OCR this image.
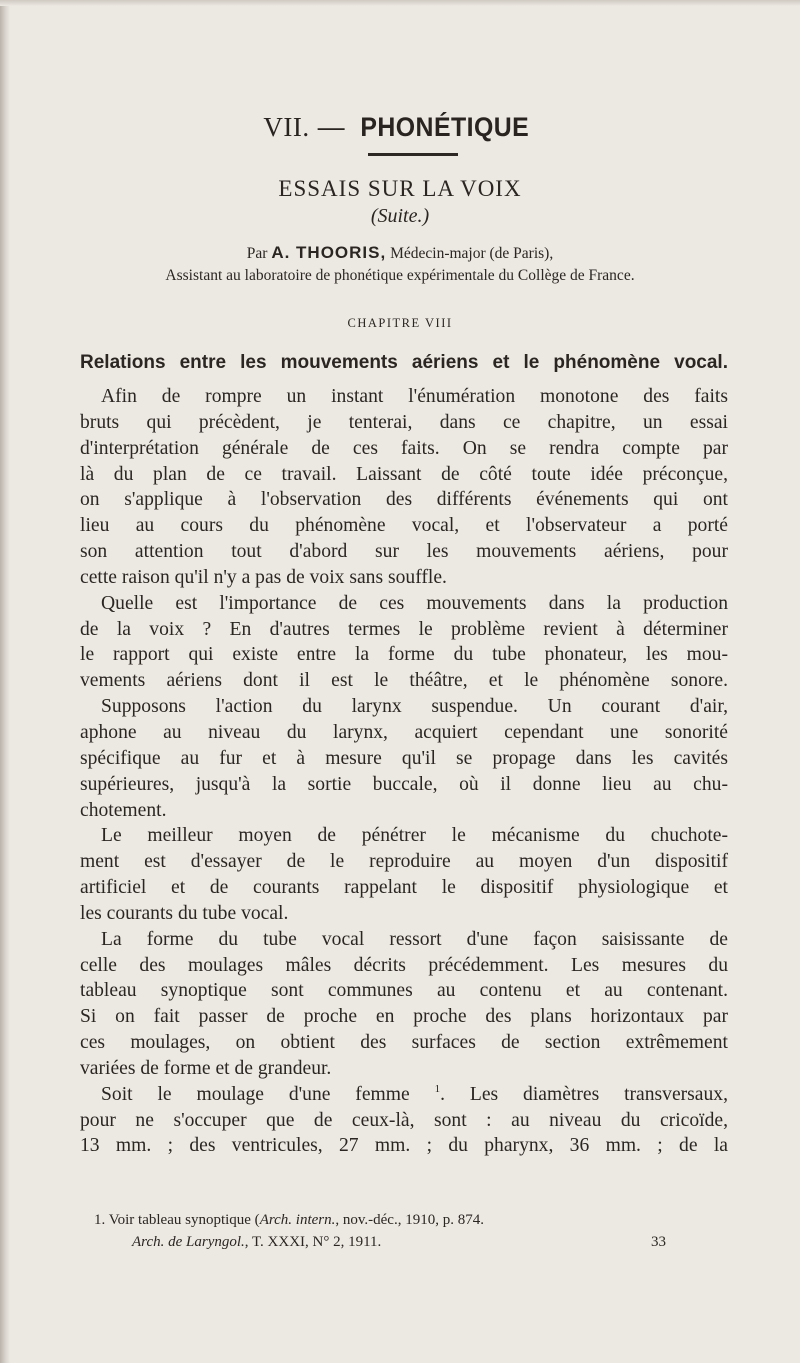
VII. — PHONÉTIQUE
ESSAIS SUR LA VOIX
(Suite.)
Par A. THOORIS, Médecin-major (de Paris),
Assistant au laboratoire de phonétique expérimentale du Collège de France.
CHAPITRE VIII
Relations entre les mouvements aériens et le phénomène vocal.
Afin de rompre un instant l'énumération monotone des faits
bruts qui précèdent, je tenterai, dans ce chapitre, un essai
d'interprétation générale de ces faits. On se rendra compte par
là du plan de ce travail. Laissant de côté toute idée préconçue,
on s'applique à l'observation des différents événements qui ont
lieu au cours du phénomène vocal, et l'observateur a porté
son attention tout d'abord sur les mouvements aériens, pour
cette raison qu'il n'y a pas de voix sans souffle.
Quelle est l'importance de ces mouvements dans la production
de la voix ? En d'autres termes le problème revient à déterminer
le rapport qui existe entre la forme du tube phonateur, les mou-
vements aériens dont il est le théâtre, et le phénomène sonore.
Supposons l'action du larynx suspendue. Un courant d'air,
aphone au niveau du larynx, acquiert cependant une sonorité
spécifique au fur et à mesure qu'il se propage dans les cavités
supérieures, jusqu'à la sortie buccale, où il donne lieu au chu-
chotement.
Le meilleur moyen de pénétrer le mécanisme du chuchote-
ment est d'essayer de le reproduire au moyen d'un dispositif
artificiel et de courants rappelant le dispositif physiologique et
les courants du tube vocal.
La forme du tube vocal ressort d'une façon saisissante de
celle des moulages mâles décrits précédemment. Les mesures du
tableau synoptique sont communes au contenu et au contenant.
Si on fait passer de proche en proche des plans horizontaux par
ces moulages, on obtient des surfaces de section extrêmement
variées de forme et de grandeur.
Soit le moulage d'une femme $^1$. Les diamètres transversaux,
pour ne s'occuper que de ceux-là, sont : au niveau du cricoïde,
13 mm. ; des ventricules, 27 mm. ; du pharynx, 36 mm. ; de la
1. Voir tableau synoptique (Arch. intern., nov.-déc., 1910, p. 874.
Arch. de Laryngol., T. XXXI, N° 2, 1911.	33
